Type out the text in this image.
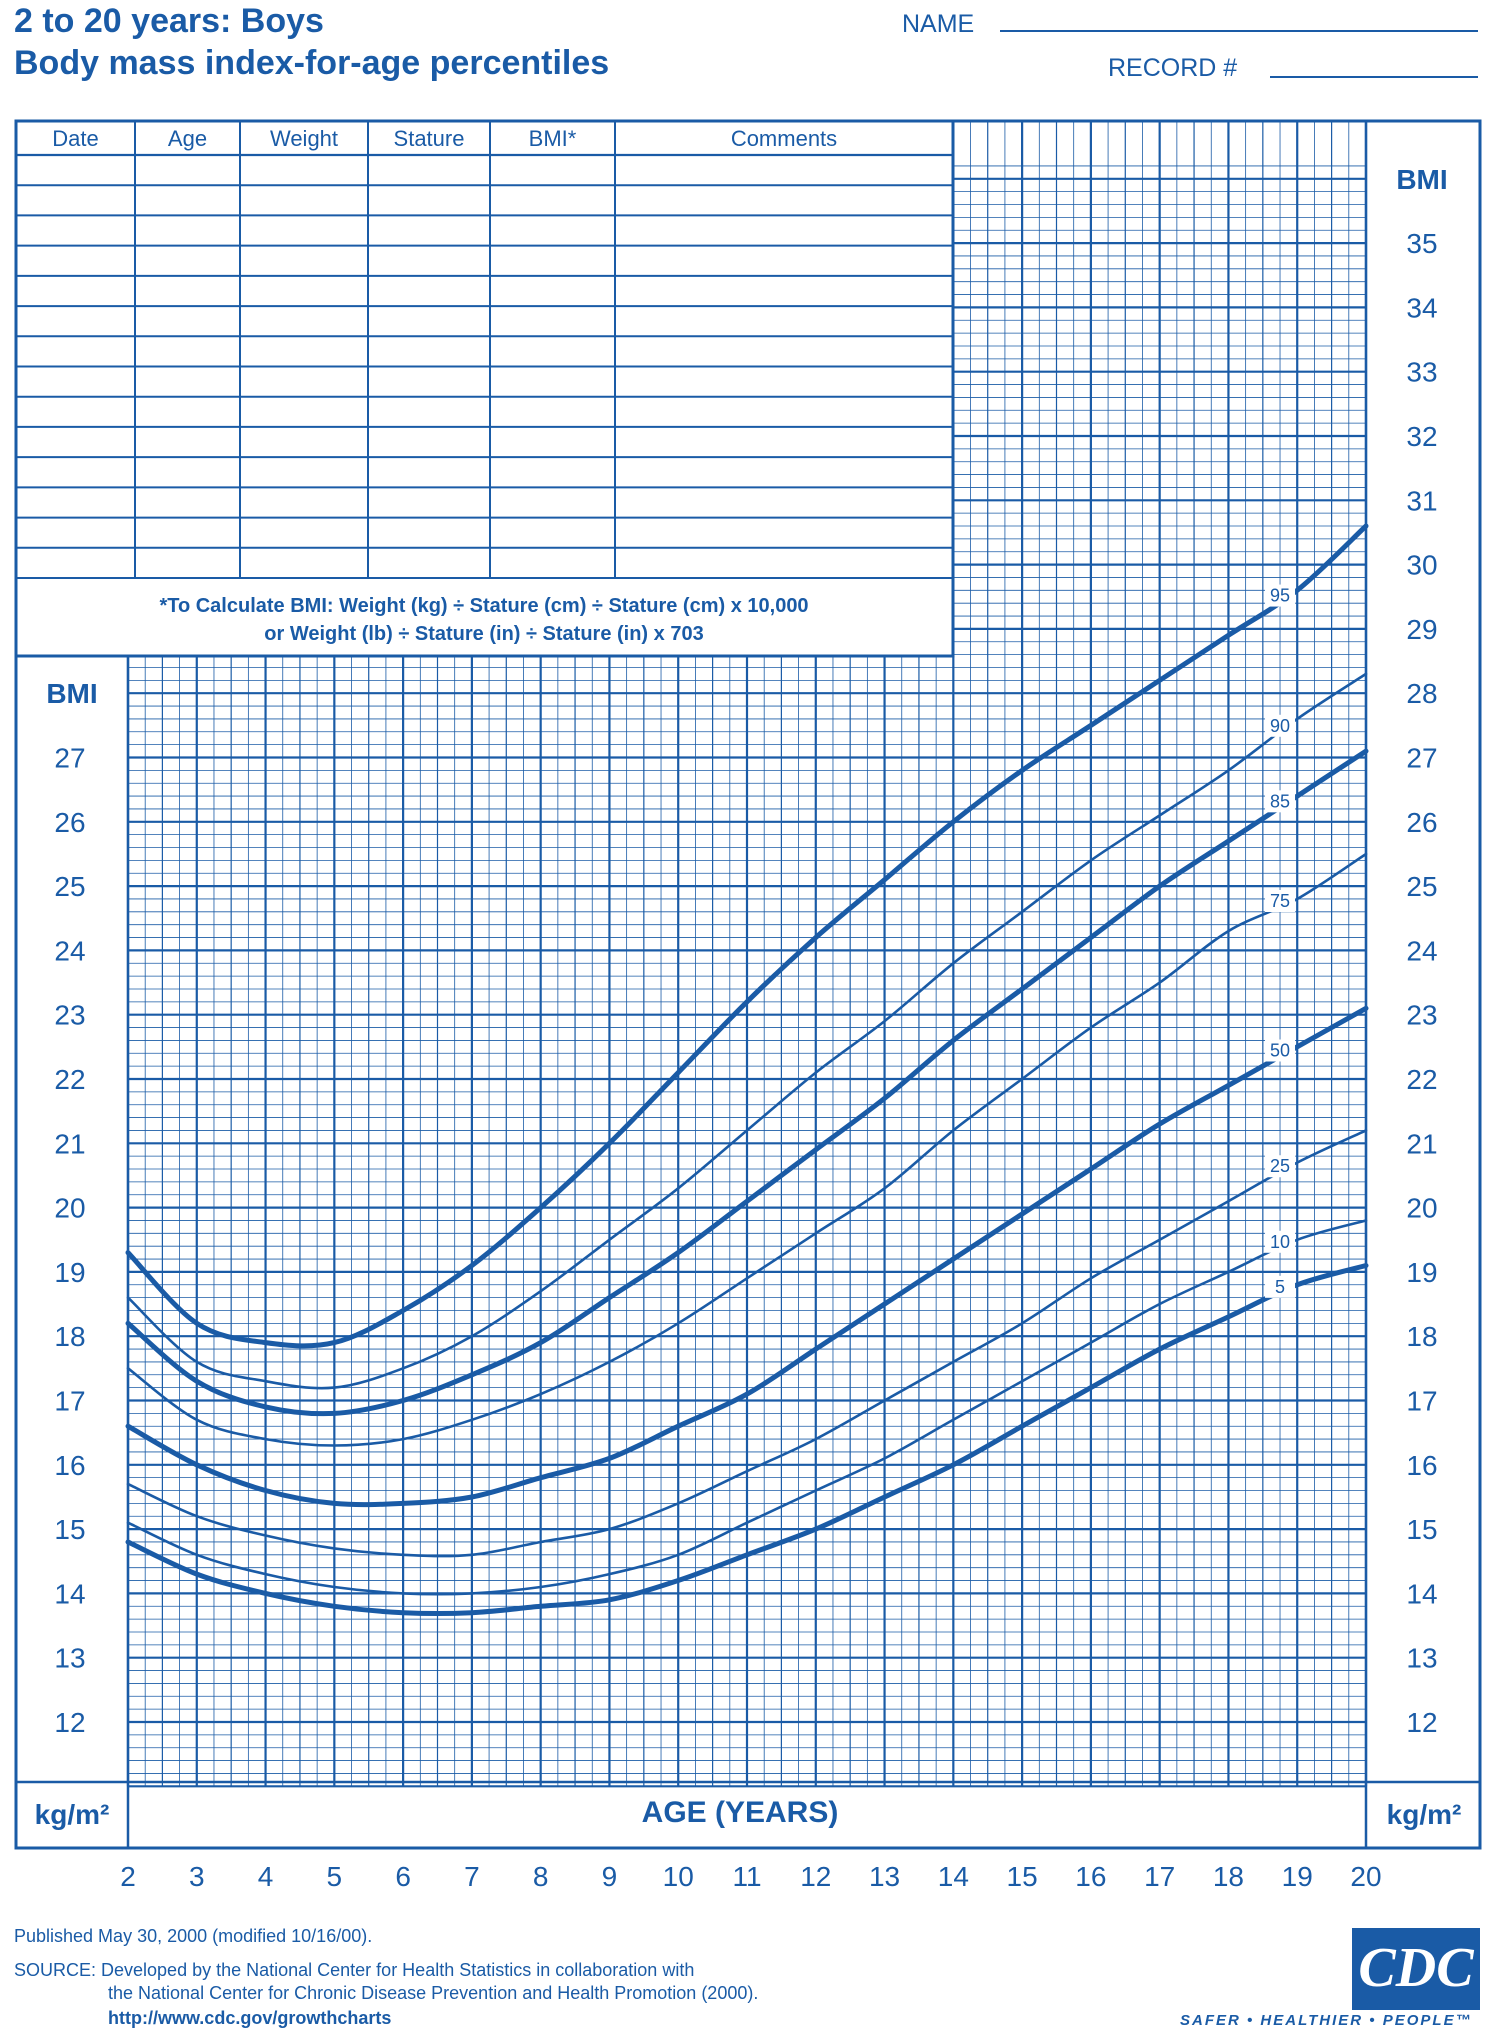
2 to 20 years: Boys
Body mass index-for-age percentiles
NAME
RECORD #
Date	Age	Weight	Stature	BMI*	Comments
*To Calculate BMI: Weight (kg) ÷ Stature (cm) ÷ Stature (cm) x 10,000
or Weight (lb) ÷ Stature (in) ÷ Stature (in) x 703
95
90
85
75
50
25
10
5
12
13
14
15
16
17
18
19
20
21
22
23
24
25
26
27
12
13
14
15
16
17
18
19
20
21
22
23
24
25
26
27
28
29
30
31
32
33
34
35
BMI
BMI
kg/m²	kg/m²
AGE (YEARS)
2 3 4 5 6 7 8 9 10 11 12 13 14 15 16 17 18 19 20
Published May 30, 2000 (modified 10/16/00).
SOURCE: Developed by the National Center for Health Statistics in collaboration with
the National Center for Chronic Disease Prevention and Health Promotion (2000).
http://www.cdc.gov/growthcharts
CDC
SAFER • HEALTHIER • PEOPLE™
